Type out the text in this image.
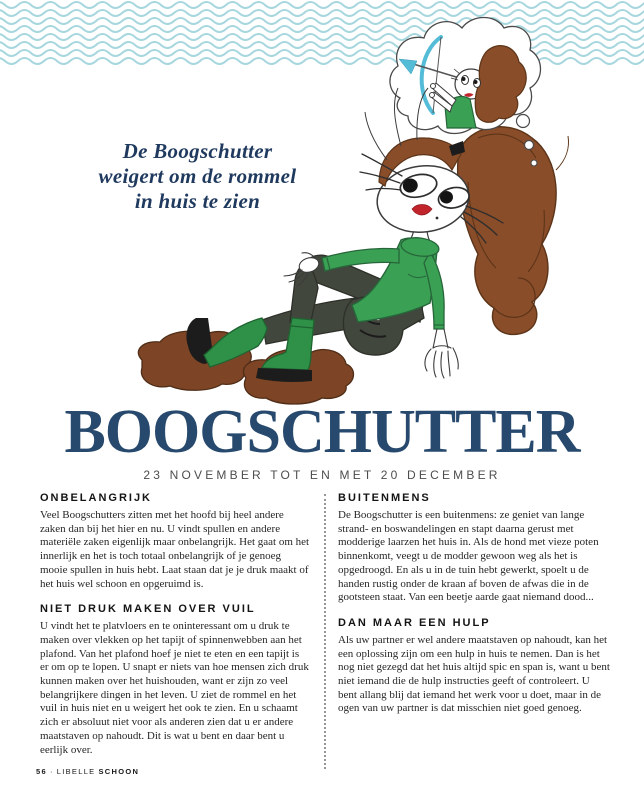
De Boogschutter
weigert om de rommel
in huis te zien
BOOGSCHUTTER
23 NOVEMBER TOT EN MET 20 DECEMBER
ONBELANGRIJK

Veel Boogschutters zitten met het hoofd bij heel andere zaken dan bij het hier en nu. U vindt spullen en andere materiële zaken eigenlijk maar onbelangrijk. Het gaat om het innerlijk en het is toch totaal onbelangrijk of je genoeg mooie spullen in huis hebt. Laat staan dat je je druk maakt of het huis wel schoon en opgeruimd is.

NIET DRUK MAKEN OVER VUIL

U vindt het te platvloers en te oninteressant om u druk te maken over vlekken op het tapijt of spinnenwebben aan het plafond. Van het plafond hoef je niet te eten en een tapijt is er om op te lopen. U snapt er niets van hoe mensen zich druk kunnen maken over het huishouden, want er zijn zo veel belangrijkere dingen in het leven. U ziet de rommel en het vuil in huis niet en u weigert het ook te zien. En u schaamt zich er absoluut niet voor als anderen zien dat u er andere maatstaven op nahoudt. Dit is wat u bent en daar bent u eerlijk over.

BUITENMENS

De Boogschutter is een buitenmens: ze geniet van lange strand- en boswandelingen en stapt daarna gerust met modderige laarzen het huis in. Als de hond met vieze poten binnenkomt, veegt u de modder gewoon weg als het is opgedroogd. En als u in de tuin hebt gewerkt, spoelt u de handen rustig onder de kraan af boven de afwas die in de gootsteen staat. Van een beetje aarde gaat niemand dood...

DAN MAAR EEN HULP

Als uw partner er wel andere maatstaven op nahoudt, kan het een oplossing zijn om een hulp in huis te nemen. Dan is het nog niet gezegd dat het huis altijd spic en span is, want u bent niet iemand die de hulp instructies geeft of controleert. U bent allang blij dat iemand het werk voor u doet, maar in de ogen van uw partner is dat misschien niet goed genoeg.

56 · LIBELLE SCHOON
